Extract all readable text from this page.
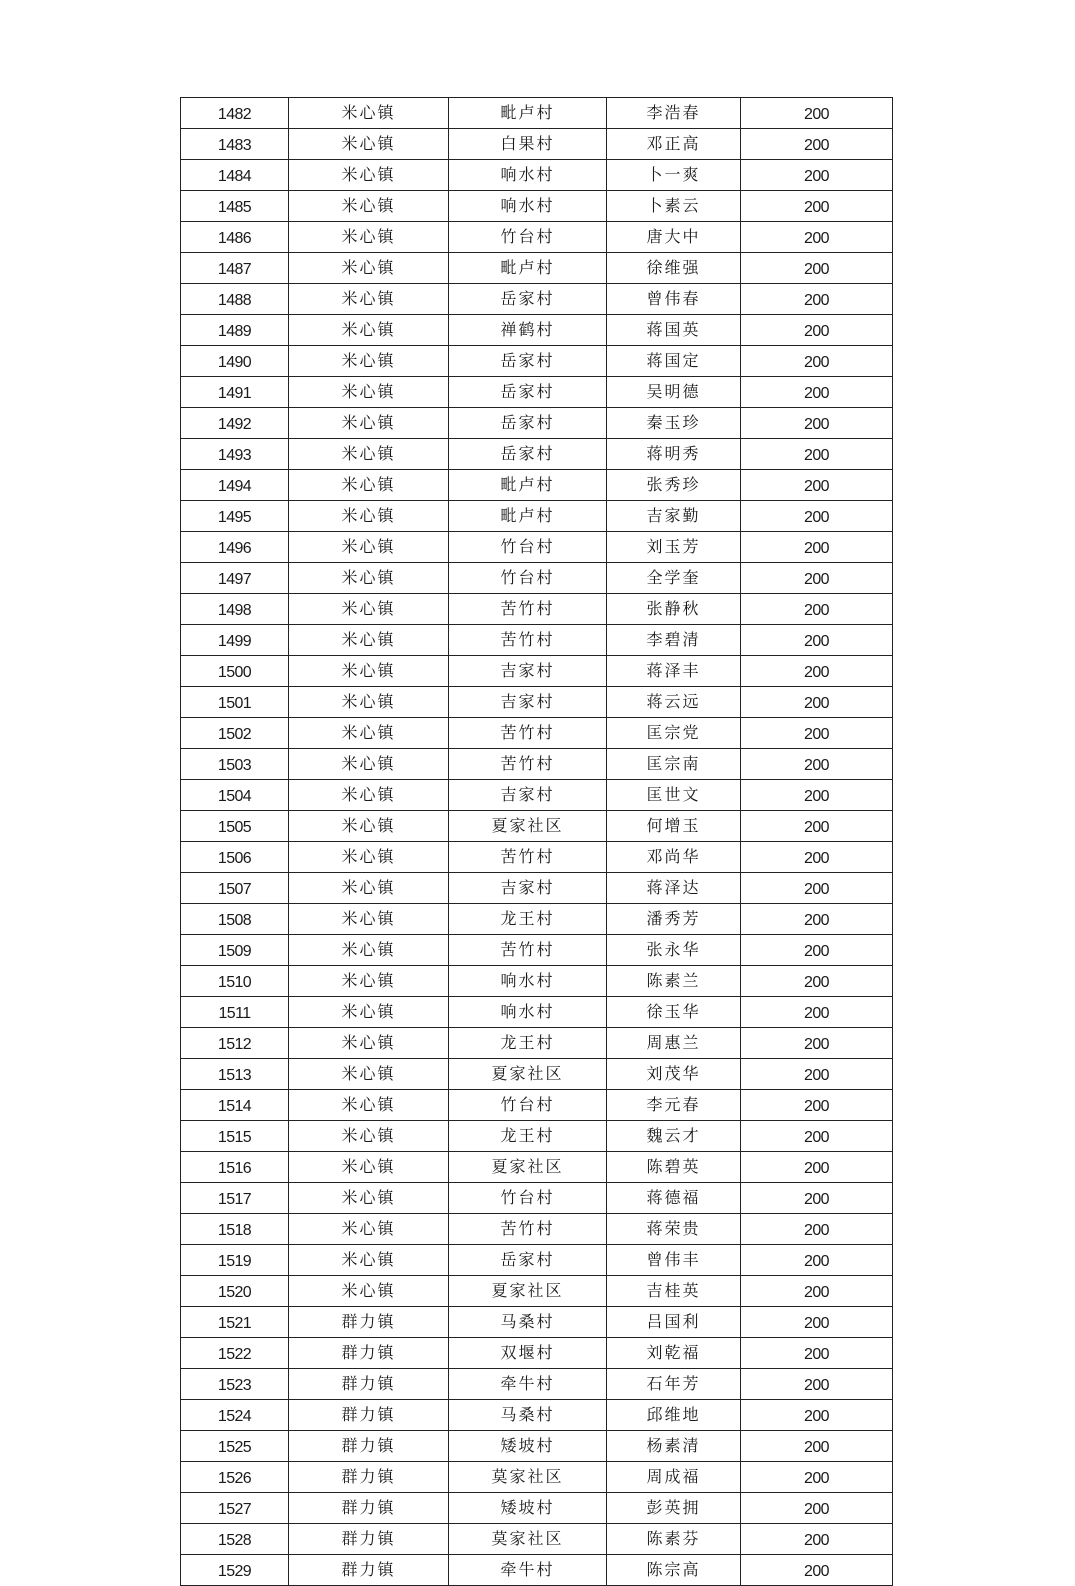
1482	米心镇	毗卢村	李浩春	200
1483	米心镇	白果村	邓正高	200
1484	米心镇	响水村	卜一爽	200
1485	米心镇	响水村	卜素云	200
1486	米心镇	竹台村	唐大中	200
1487	米心镇	毗卢村	徐维强	200
1488	米心镇	岳家村	曾伟春	200
1489	米心镇	禅鹤村	蒋国英	200
1490	米心镇	岳家村	蒋国定	200
1491	米心镇	岳家村	吴明德	200
1492	米心镇	岳家村	秦玉珍	200
1493	米心镇	岳家村	蒋明秀	200
1494	米心镇	毗卢村	张秀珍	200
1495	米心镇	毗卢村	吉家勤	200
1496	米心镇	竹台村	刘玉芳	200
1497	米心镇	竹台村	全学奎	200
1498	米心镇	苦竹村	张静秋	200
1499	米心镇	苦竹村	李碧清	200
1500	米心镇	吉家村	蒋泽丰	200
1501	米心镇	吉家村	蒋云远	200
1502	米心镇	苦竹村	匡宗党	200
1503	米心镇	苦竹村	匡宗南	200
1504	米心镇	吉家村	匡世文	200
1505	米心镇	夏家社区	何增玉	200
1506	米心镇	苦竹村	邓尚华	200
1507	米心镇	吉家村	蒋泽达	200
1508	米心镇	龙王村	潘秀芳	200
1509	米心镇	苦竹村	张永华	200
1510	米心镇	响水村	陈素兰	200
1511	米心镇	响水村	徐玉华	200
1512	米心镇	龙王村	周惠兰	200
1513	米心镇	夏家社区	刘茂华	200
1514	米心镇	竹台村	李元春	200
1515	米心镇	龙王村	魏云才	200
1516	米心镇	夏家社区	陈碧英	200
1517	米心镇	竹台村	蒋德福	200
1518	米心镇	苦竹村	蒋荣贵	200
1519	米心镇	岳家村	曾伟丰	200
1520	米心镇	夏家社区	吉桂英	200
1521	群力镇	马桑村	吕国利	200
1522	群力镇	双堰村	刘乾福	200
1523	群力镇	牵牛村	石年芳	200
1524	群力镇	马桑村	邱维地	200
1525	群力镇	矮坡村	杨素清	200
1526	群力镇	莫家社区	周成福	200
1527	群力镇	矮坡村	彭英拥	200
1528	群力镇	莫家社区	陈素芬	200
1529	群力镇	牵牛村	陈宗高	200
